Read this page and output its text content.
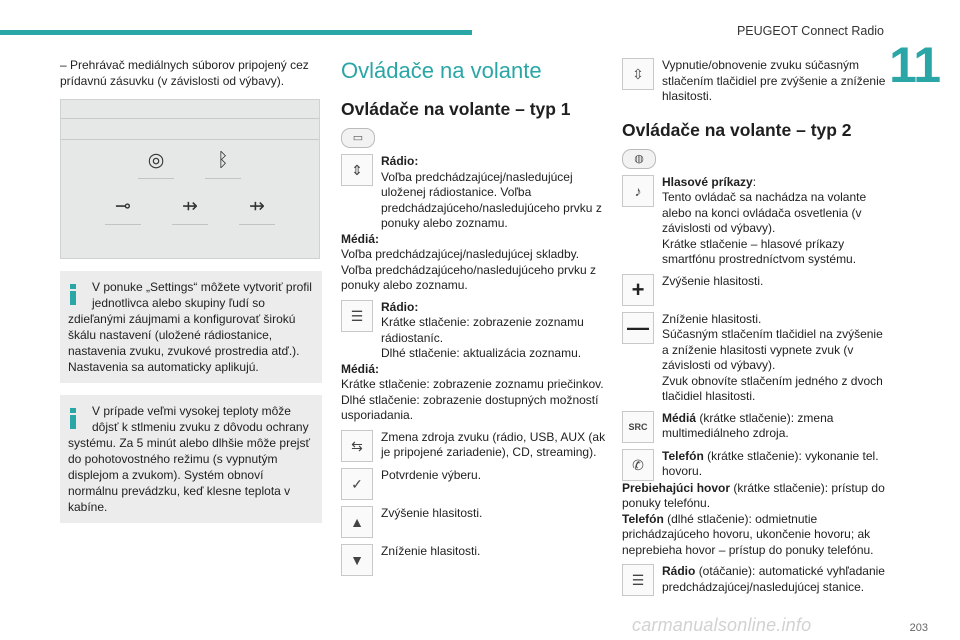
PEUGEOT Connect Radio
11

– Prehrávač mediálnych súborov pripojený cez prídavnú zásuvku (v závislosti od výbavy).

◎	ᛒ
⊸	⇸	⇸

V ponuke „Settings“ môžete vytvoriť profil jednotlivca alebo skupiny ľudí so

zdieľanými záujmami a konfigurovať širokú škálu nastavení (uložené rádiostanice, nastavenia zvuku, zvukové prostredia atď.). Nastavenia sa automaticky aplikujú.

V prípade veľmi vysokej teploty môže dôjsť k stlmeniu zvuku z dôvodu ochrany

systému. Za 5 minút alebo dlhšie môže prejsť do pohotovostného režimu (s vypnutým displejom a zvukom). Systém obnoví normálnu prevádzku, keď klesne teplota v kabíne.

Ovládače na volante
Ovládače na volante – typ 1
▭
⇕

Rádio:
Voľba predchádzajúcej/nasledujúcej uloženej rádiostanice. Voľba predchádzajúceho/nasledujúceho prvku z ponuky alebo zoznamu.

Médiá:
Voľba predchádzajúcej/nasledujúcej skladby. Voľba predchádzajúceho/nasledujúceho prvku z ponuky alebo zoznamu.

☰

Rádio:
Krátke stlačenie: zobrazenie zoznamu rádiostaníc.
Dlhé stlačenie: aktualizácia zoznamu.

Médiá:
Krátke stlačenie: zobrazenie zoznamu priečinkov.
Dlhé stlačenie: zobrazenie dostupných možností usporiadania.

⇆

Zmena zdroja zvuku (rádio, USB, AUX (ak je pripojené zariadenie), CD, streaming).

✓

Potvrdenie výberu.

▲

Zvýšenie hlasitosti.

▼

Zníženie hlasitosti.

⇳

Vypnutie/obnovenie zvuku súčasným stlačením tlačidiel pre zvýšenie a zníženie hlasitosti.

Ovládače na volante – typ 2
◍
♪

Hlasové príkazy:
Tento ovládač sa nachádza na volante alebo na konci ovládača osvetlenia (v závislosti od výbavy).
Krátke stlačenie – hlasové príkazy smartfónu prostredníctvom systému.

+	Zvýšenie hlasitosti.

—	Zníženie hlasitosti.
Súčasným stlačením tlačidiel na zvýšenie a zníženie hlasitosti vypnete zvuk (v závislosti od výbavy).
Zvuk obnovíte stlačením jedného z dvoch tlačidiel hlasitosti.

SRC

Médiá (krátke stlačenie): zmena multimediálneho zdroja.

✆

Telefón (krátke stlačenie): vykonanie tel. hovoru.

Prebiehajúci hovor (krátke stlačenie): prístup do ponuky telefónu.

Telefón (dlhé stlačenie): odmietnutie prichádzajúceho hovoru, ukončenie hovoru; ak neprebieha hovor – prístup do ponuky telefónu.

☰

Rádio (otáčanie): automatické vyhľadanie predchádzajúcej/nasledujúcej stanice.

carmanualsonline.info	203
